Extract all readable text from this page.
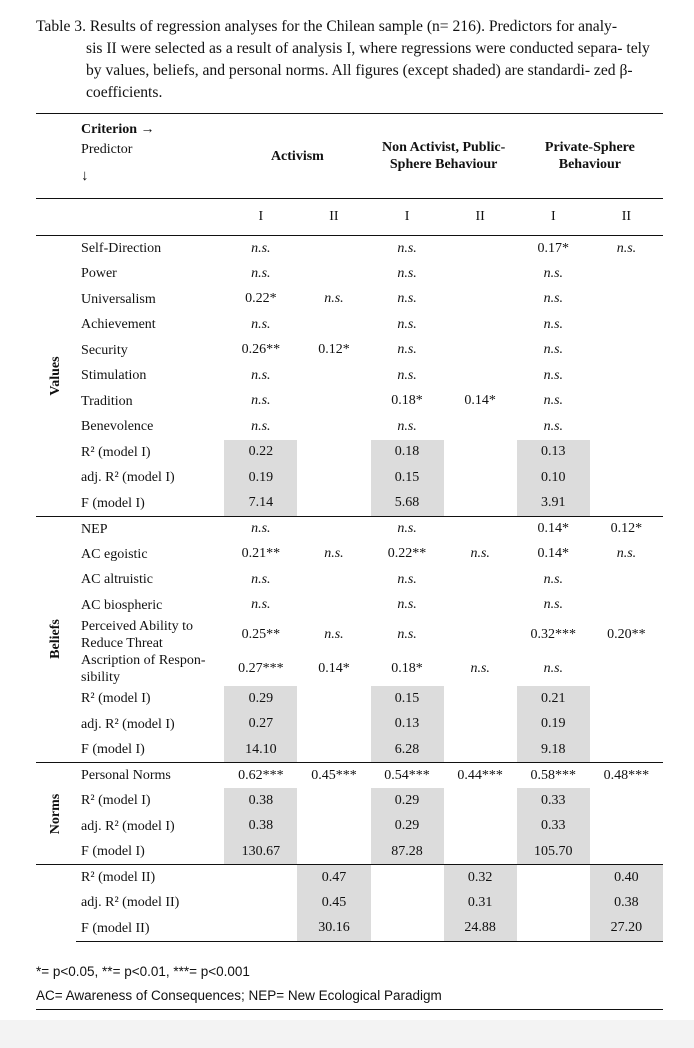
Table 3. Results of regression analyses for the Chilean sample (n= 216). Predictors for analy-
sis II were selected as a result of analysis I, where regressions were conducted separa- tely by values, beliefs, and personal norms. All figures (except shaded) are standardi- zed β-coefficients.

	Criterion →
Predictor
↓	Activism		Non Activist, Public-Sphere Behaviour		Private-Sphere Behaviour	
		I	II	I	II	I	II

Values	Self-Direction	n.s.		n.s.		0.17*	n.s.
	Power	n.s.		n.s.		n.s.	
	Universalism	0.22*	n.s.	n.s.		n.s.	
	Achievement	n.s.		n.s.		n.s.	
	Security	0.26**	0.12*	n.s.		n.s.	
	Stimulation	n.s.		n.s.		n.s.	
	Tradition	n.s.		0.18*	0.14*	n.s.	
	Benevolence	n.s.		n.s.		n.s.	
	R² (model I)	0.22		0.18		0.13	
	adj. R² (model I)	0.19		0.15		0.10	
	F (model I)	7.14		5.68		3.91	

Beliefs	NEP	n.s.		n.s.		0.14*	0.12*
	AC egoistic	0.21**	n.s.	0.22**	n.s.	0.14*	n.s.
	AC altruistic	n.s.		n.s.		n.s.	
	AC biospheric	n.s.		n.s.		n.s.	
	Perceived Ability to Reduce Threat	0.25**	n.s.	n.s.		0.32***	0.20**
	Ascription of Respon- sibility	0.27***	0.14*	0.18*	n.s.	n.s.	
	R² (model I)	0.29		0.15		0.21	
	adj. R² (model I)	0.27		0.13		0.19	
	F (model I)	14.10		6.28		9.18	

Norms	Personal Norms	0.62***	0.45***	0.54***	0.44***	0.58***	0.48***
	R² (model I)	0.38		0.29		0.33	
	adj. R² (model I)	0.38		0.29		0.33	
	F (model I)	130.67		87.28		105.70	
	R² (model II)		0.47		0.32		0.40
	adj. R² (model II)		0.45		0.31		0.38
	F (model II)		30.16		24.88		27.20
*= p<0.05, **= p<0.01, ***= p<0.001
AC= Awareness of Consequences; NEP= New Ecological Paradigm
